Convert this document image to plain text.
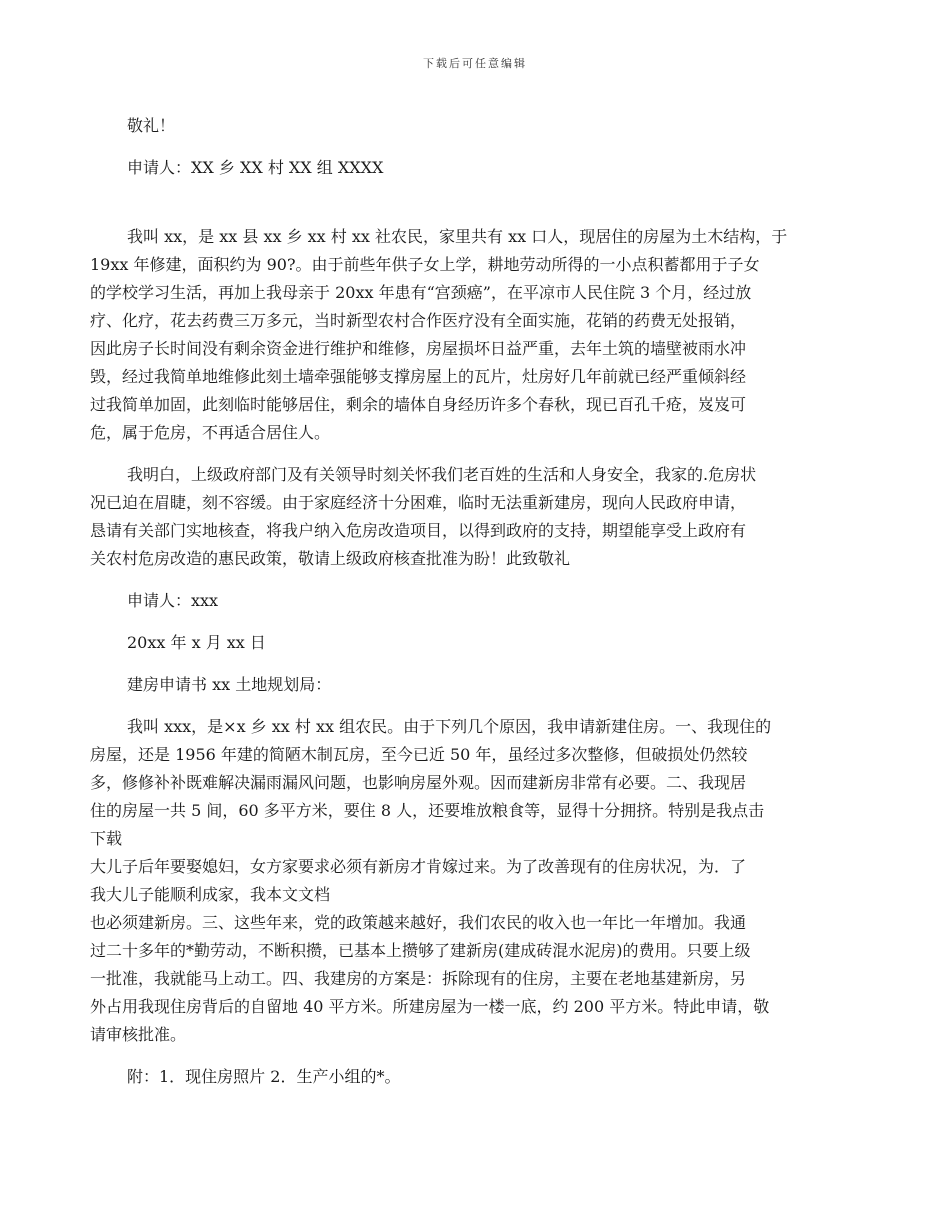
下载后可任意编辑
敬礼！
申请人：XX 乡 XX 村 XX 组 XXXX
我叫 xx，是 xx 县 xx 乡 xx 村 xx 社农民，家里共有 xx 口人，现居住的房屋为土木结构，于
19xx 年修建，面积约为 90?。由于前些年供子女上学，耕地劳动所得的一小点积蓄都用于子女
的学校学习生活，再加上我母亲于 20xx 年患有“宫颈癌”，在平凉市人民住院 3 个月，经过放
疗、化疗，花去药费三万多元，当时新型农村合作医疗没有全面实施，花销的药费无处报销，
因此房子长时间没有剩余资金进行维护和维修，房屋损坏日益严重，去年土筑的墙壁被雨水冲
毁，经过我简单地维修此刻土墙牵强能够支撑房屋上的瓦片，灶房好几年前就已经严重倾斜经
过我简单加固，此刻临时能够居住，剩余的墙体自身经历许多个春秋，现已百孔千疮，岌岌可
危，属于危房，不再适合居住人。
我明白，上级政府部门及有关领导时刻关怀我们老百姓的生活和人身安全，我家的.危房状
况已迫在眉睫，刻不容缓。由于家庭经济十分困难，临时无法重新建房，现向人民政府申请，
恳请有关部门实地核查，将我户纳入危房改造项目，以得到政府的支持，期望能享受上政府有
关农村危房改造的惠民政策，敬请上级政府核查批准为盼！此致敬礼
申请人：xxx
20xx 年 x 月 xx 日
建房申请书 xx 土地规划局：
我叫 xxx，是×x 乡 xx 村 xx 组农民。由于下列几个原因，我申请新建住房。一、我现住的
房屋，还是 1956 年建的简陋木制瓦房，至今已近 50 年，虽经过多次整修，但破损处仍然较
多，修修补补既难解决漏雨漏风问题，也影响房屋外观。因而建新房非常有必要。二、我现居
住的房屋一共 5 间，60 多平方米，要住 8 人，还要堆放粮食等，显得十分拥挤。特别是我点击
下载
大儿子后年要娶媳妇，女方家要求必须有新房才肯嫁过来。为了改善现有的住房状况，为．了
我大儿子能顺利成家，我本文文档
也必须建新房。三、这些年来，党的政策越来越好，我们农民的收入也一年比一年增加。我通
过二十多年的*勤劳动，不断积攒，已基本上攒够了建新房(建成砖混水泥房)的费用。只要上级
一批准，我就能马上动工。四、我建房的方案是：拆除现有的住房，主要在老地基建新房，另
外占用我现住房背后的自留地 40 平方米。所建房屋为一楼一底，约 200 平方米。特此申请，敬
请审核批准。
附：1．现住房照片 2．生产小组的*。
